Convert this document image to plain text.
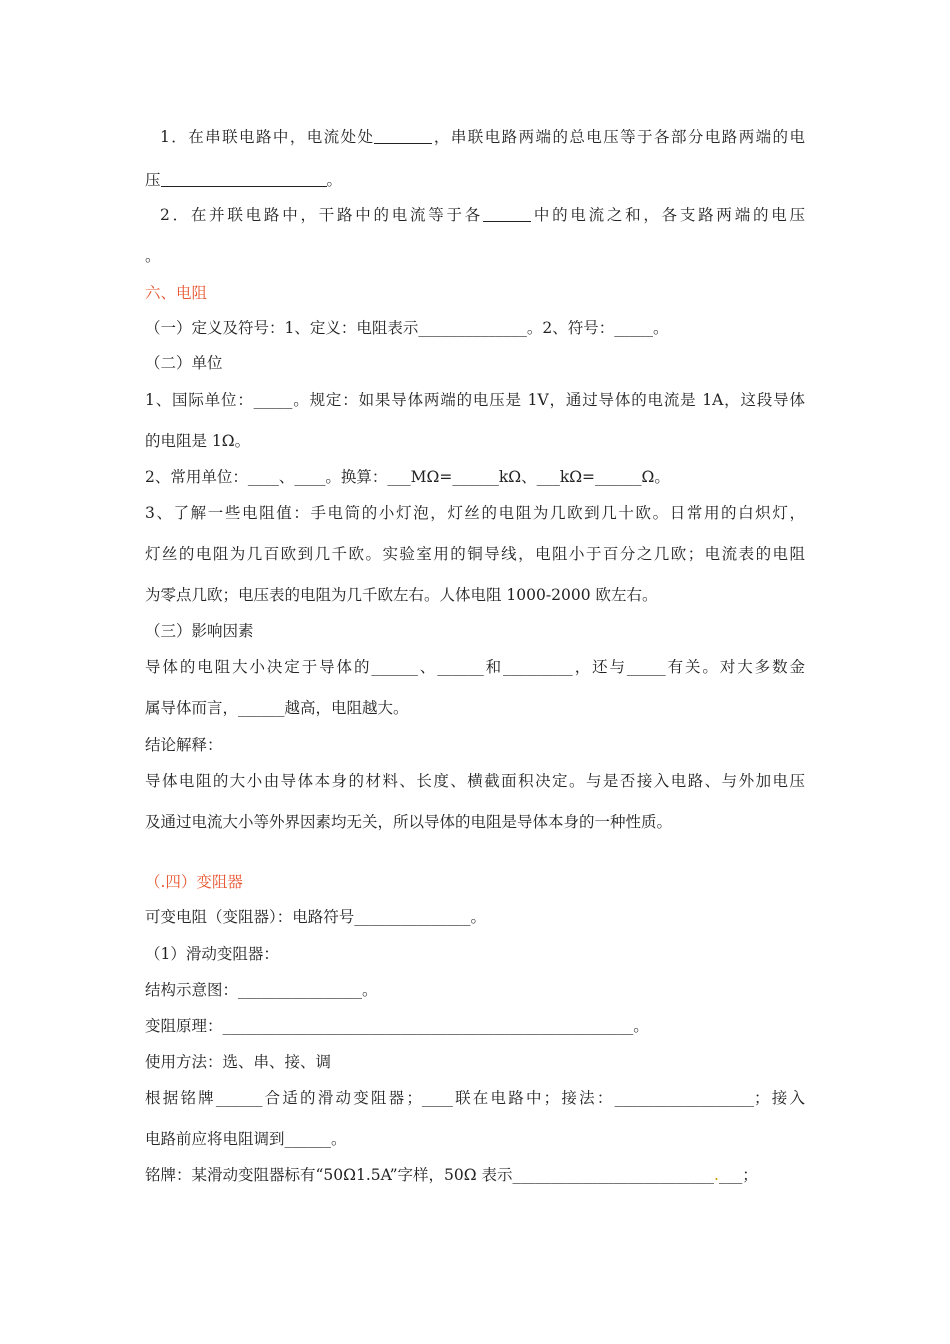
1．在串联电路中，电流处处	，串联电路两端的总电压等于各部分电路两端的电
压	。
2．在并联电路中，干路中的电流等于各	中的电流之和，各支路两端的电压
。
六、电阻
（一）定义及符号：1、定义：电阻表示______________。2、符号：_____。
（二）单位
1、国际单位：_____。规定：如果导体两端的电压是 1V，通过导体的电流是 1A，这段导体
的电阻是 1Ω。
2、常用单位：____、____。换算：___MΩ=______kΩ、___kΩ=______Ω。
3、了解一些电阻值：手电筒的小灯泡，灯丝的电阻为几欧到几十欧。日常用的白炽灯，
灯丝的电阻为几百欧到几千欧。实验室用的铜导线，电阻小于百分之几欧；电流表的电阻
为零点几欧；电压表的电阻为几千欧左右。人体电阻 1000-2000 欧左右。
（三）影响因素
导体的电阻大小决定于导体的______、______和_________，还与_____有关。对大多数金
属导体而言，______越高，电阻越大。
结论解释：
导体电阻的大小由导体本身的材料、长度、横截面积决定。与是否接入电路、与外加电压
及通过电流大小等外界因素均无关，所以导体的电阻是导体本身的一种性质。
（.四）变阻器
可变电阻（变阻器）：电路符号_______________。
（1）滑动变阻器：
结构示意图：________________。
变阻原理：_____________________________________________________。
使用方法：选、串、接、调
根据铭牌______合适的滑动变阻器；____联在电路中；接法：__________________；接入
电路前应将电阻调到______。
铭牌：某滑动变阻器标有“50Ω1.5A”字样，50Ω 表示__________________________.___；
